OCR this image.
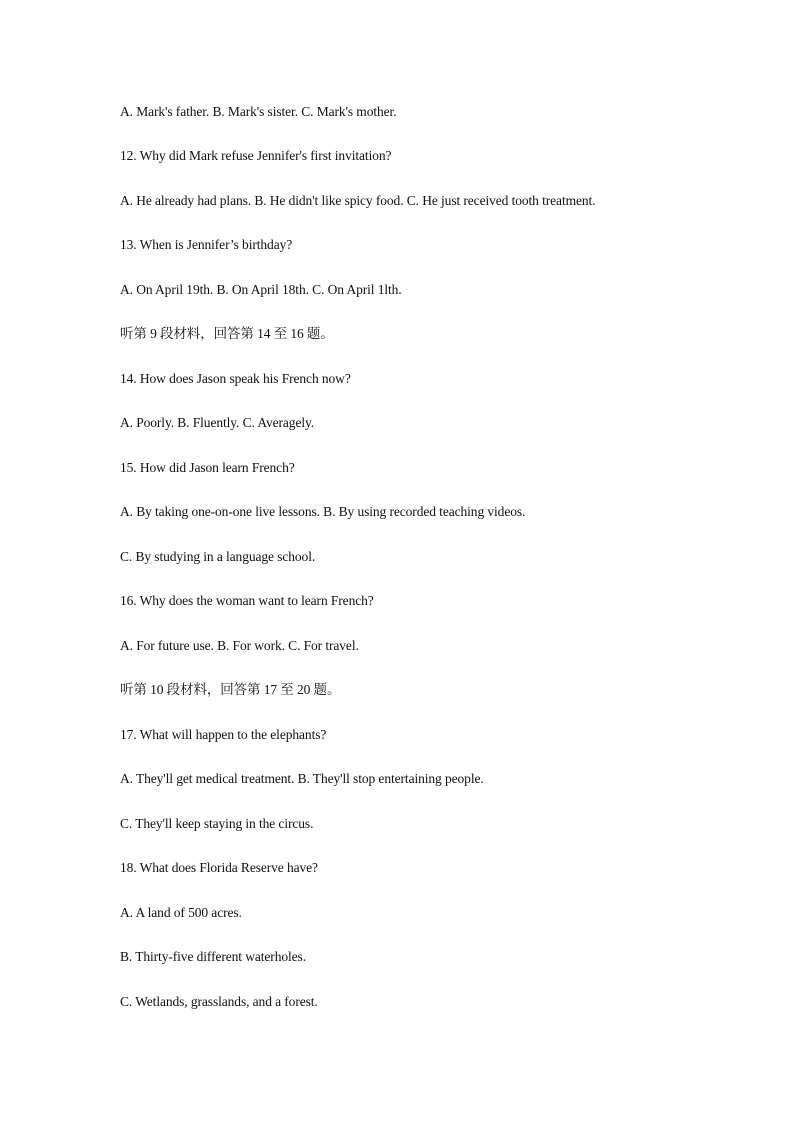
A. Mark's father. B. Mark's sister. C. Mark's mother.
12. Why did Mark refuse Jennifer's first invitation?
A. He already had plans. B. He didn't like spicy food. C. He just received tooth treatment.
13. When is Jennifer’s birthday?
A. On April 19th. B. On April 18th. C. On April 1lth.
听第 9 段材料，回答第 14 至 16 题。
14. How does Jason speak his French now?
A. Poorly. B. Fluently. C. Averagely.
15. How did Jason learn French?
A. By taking one-on-one live lessons. B. By using recorded teaching videos.
C. By studying in a language school.
16. Why does the woman want to learn French?
A. For future use. B. For work. C. For travel.
听第 10 段材料，回答第 17 至 20 题。
17. What will happen to the elephants?
A. They'll get medical treatment. B. They'll stop entertaining people.
C. They'll keep staying in the circus.
18. What does Florida Reserve have?
A. A land of 500 acres.
B. Thirty-five different waterholes.
C. Wetlands, grasslands, and a forest.
